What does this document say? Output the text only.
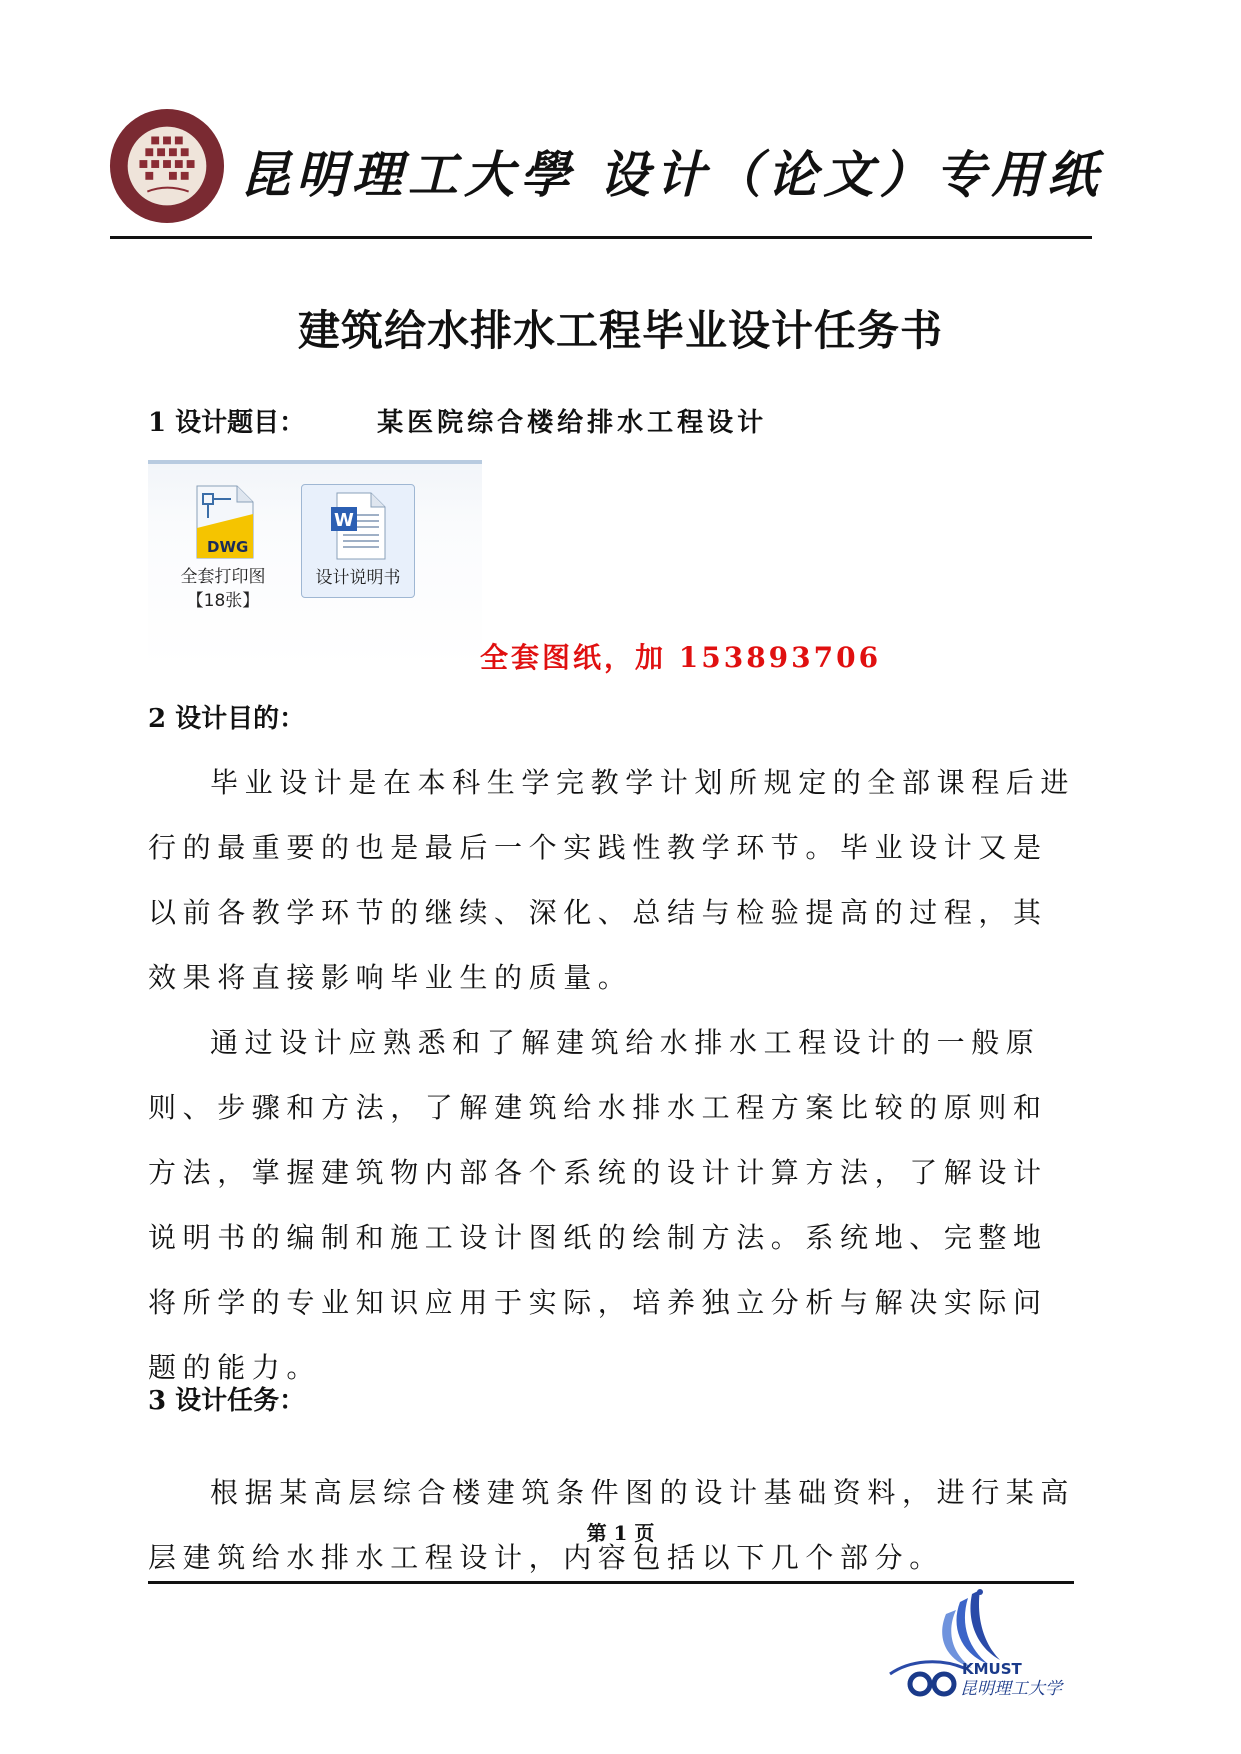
昆明理工大學 设计（论文）专用纸
建筑给水排水工程毕业设计任务书
1 设计题目：	某医院综合楼给排水工程设计
DWG
全套打印图
【18张】
W
设计说明书
全套图纸，加 153893706
2 设计目的：

毕业设计是在本科生学完教学计划所规定的全部课程后进行的最重要的也是最后一个实践性教学环节。毕业设计又是以前各教学环节的继续、深化、总结与检验提高的过程，其效果将直接影响毕业生的质量。

通过设计应熟悉和了解建筑给水排水工程设计的一般原则、步骤和方法，了解建筑给水排水工程方案比较的原则和方法，掌握建筑物内部各个系统的设计计算方法，了解设计说明书的编制和施工设计图纸的绘制方法。系统地、完整地将所学的专业知识应用于实际，培养独立分析与解决实际问题的能力。

3 设计任务：

根据某高层综合楼建筑条件图的设计基础资料，进行某高层建筑给水排水工程设计，内容包括以下几个部分。

第 1 页
KMUST
昆明理工大学
